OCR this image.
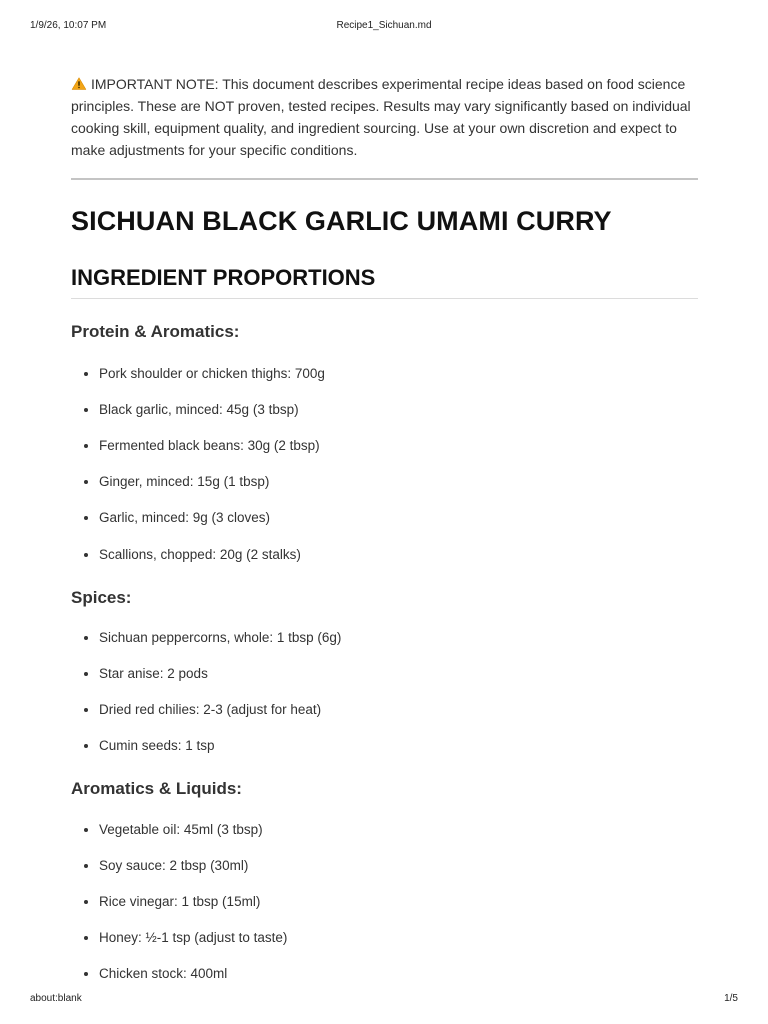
1/9/26, 10:07 PM	Recipe1_Sichuan.md

IMPORTANT NOTE: This document describes experimental recipe ideas based on food science principles. These are NOT proven, tested recipes. Results may vary significantly based on individual cooking skill, equipment quality, and ingredient sourcing. Use at your own discretion and expect to make adjustments for your specific conditions.

SICHUAN BLACK GARLIC UMAMI CURRY
INGREDIENT PROPORTIONS
Protein & Aromatics:
• Pork shoulder or chicken thighs: 700g
• Black garlic, minced: 45g (3 tbsp)
• Fermented black beans: 30g (2 tbsp)
• Ginger, minced: 15g (1 tbsp)
• Garlic, minced: 9g (3 cloves)
• Scallions, chopped: 20g (2 stalks)
Spices:
• Sichuan peppercorns, whole: 1 tbsp (6g)
• Star anise: 2 pods
• Dried red chilies: 2-3 (adjust for heat)
• Cumin seeds: 1 tsp
Aromatics & Liquids:
• Vegetable oil: 45ml (3 tbsp)
• Soy sauce: 2 tbsp (30ml)
• Rice vinegar: 1 tbsp (15ml)
• Honey: ½-1 tsp (adjust to taste)
• Chicken stock: 400ml
about:blank	1/5
